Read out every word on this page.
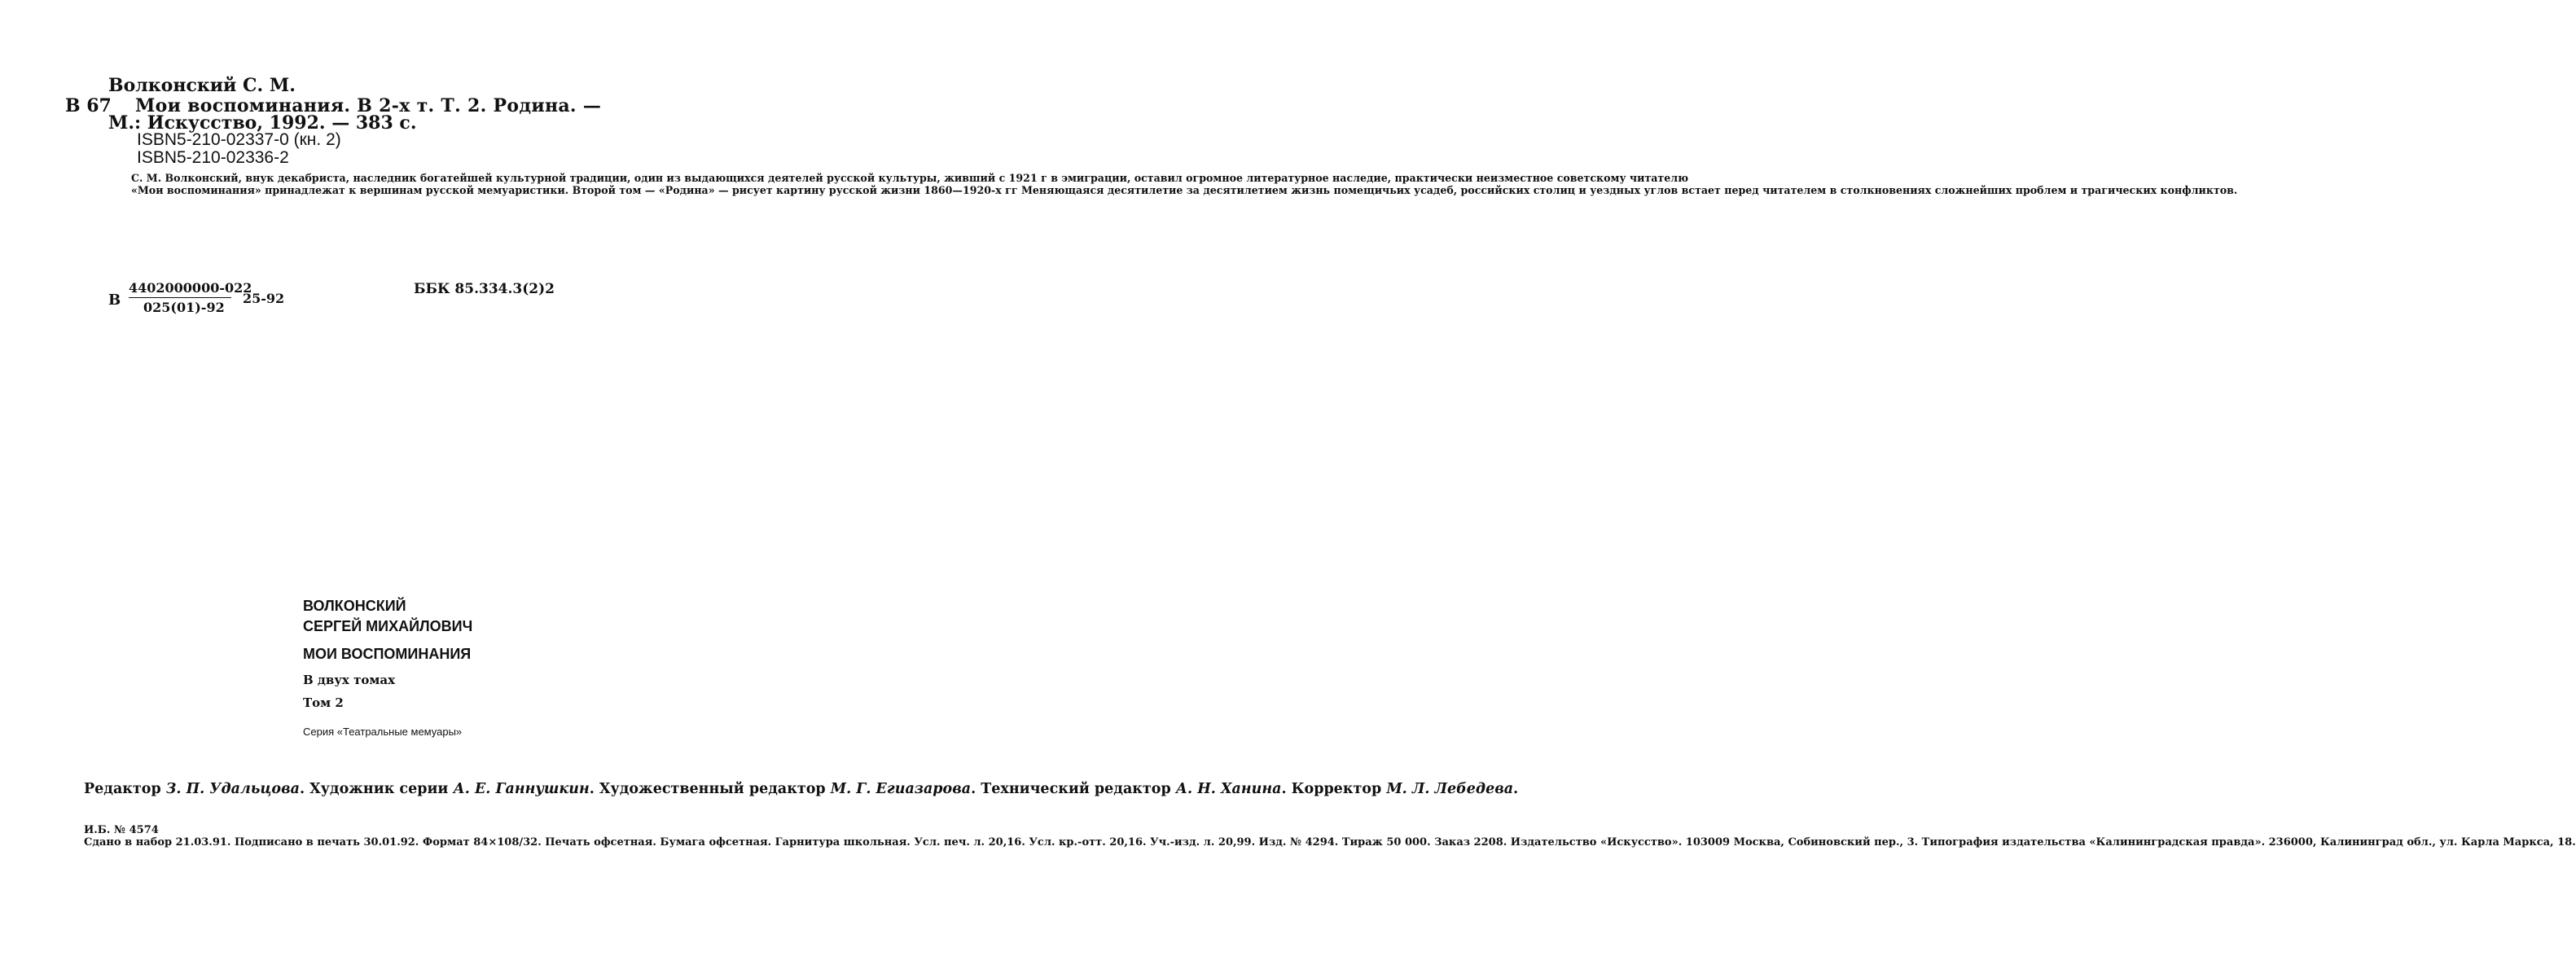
Волконский С. М.
В 67 Мои воспоминания. В 2-х т. Т. 2. Родина. —
М.: Искусство, 1992. — 383 с.
ISBN5-210-02337-0 (кн. 2)
ISBN5-210-02336-2

С. М. Волконский, внук декабриста, наследник богатейшей культурной традиции, один из выдающихся деятелей русской культуры, живший с 1921 г в эмиграции, оставил огромное литературное наследие, практически неизместное советскому читателю

«Мои воспоминания» принадлежат к вершинам русской мемуаристики. Второй том — «Родина» — рисует картину русской жизни 1860—1920-х гг Меняющаяся десятилетие за десятилетием жизнь помещичьих усадеб, российских столиц и уездных углов встает перед читателем в столкновениях сложнейших проблем и трагических конфликтов.

В
4402000000-022
025(01)-92
25-92
ББК 85.334.3(2)2
ВОЛКОНСКИЙ
СЕРГЕЙ МИХАЙЛОВИЧ
МОИ ВОСПОМИНАНИЯ
В двух томах
Том 2
Серия «Театральные мемуары»

Редактор З. П. Удальцова. Художник серии А. Е. Ганнушкин. Художественный редактор М. Г. Егиазарова. Технический редактор А. Н. Ханина. Корректор М. Л. Лебедева.

И.Б. № 4574

Сдано в набор 21.03.91. Подписано в печать 30.01.92. Формат 84×108/32. Печать офсетная. Бумага офсетная. Гарнитура школьная. Усл. печ. л. 20,16. Усл. кр.-отт. 20,16. Уч.-изд. л. 20,99. Изд. № 4294. Тираж 50 000. Заказ 2208. Издательство «Искусство». 103009 Москва, Собиновский пер., 3. Типография издательства «Калининградская правда». 236000, Калининград обл., ул. Карла Маркса, 18.
